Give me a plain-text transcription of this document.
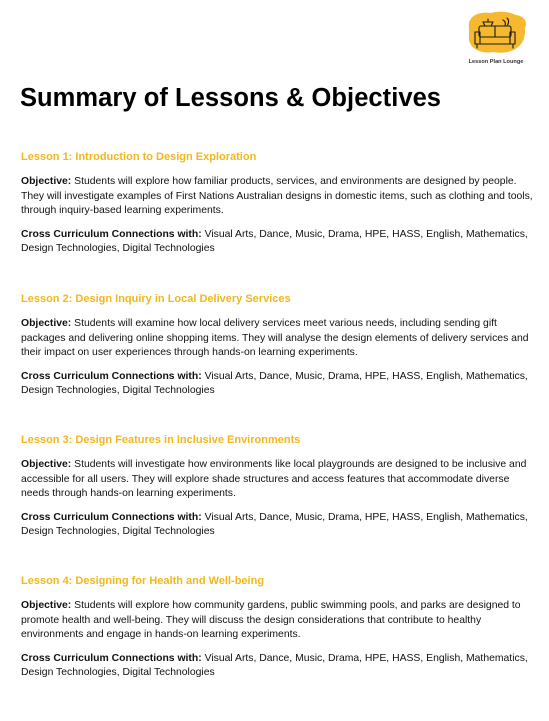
Lesson Plan Lounge
Summary of Lessons & Objectives
Lesson 1: Introduction to Design Exploration

Objective: Students will explore how familiar products, services, and environments are designed by people. They will investigate examples of First Nations Australian designs in domestic items, such as clothing and tools, through inquiry-based learning experiments.

Cross Curriculum Connections with: Visual Arts, Dance, Music, Drama, HPE, HASS, English, Mathematics, Design Technologies, Digital Technologies

Lesson 2: Design Inquiry in Local Delivery Services

Objective: Students will examine how local delivery services meet various needs, including sending gift packages and delivering online shopping items. They will analyse the design elements of delivery services and their impact on user experiences through hands-on learning experiments.

Cross Curriculum Connections with: Visual Arts, Dance, Music, Drama, HPE, HASS, English, Mathematics, Design Technologies, Digital Technologies

Lesson 3: Design Features in Inclusive Environments

Objective: Students will investigate how environments like local playgrounds are designed to be inclusive and accessible for all users. They will explore shade structures and access features that accommodate diverse needs through hands-on learning experiments.

Cross Curriculum Connections with: Visual Arts, Dance, Music, Drama, HPE, HASS, English, Mathematics, Design Technologies, Digital Technologies

Lesson 4: Designing for Health and Well-being

Objective: Students will explore how community gardens, public swimming pools, and parks are designed to promote health and well-being. They will discuss the design considerations that contribute to healthy environments and engage in hands-on learning experiments.

Cross Curriculum Connections with: Visual Arts, Dance, Music, Drama, HPE, HASS, English, Mathematics, Design Technologies, Digital Technologies
